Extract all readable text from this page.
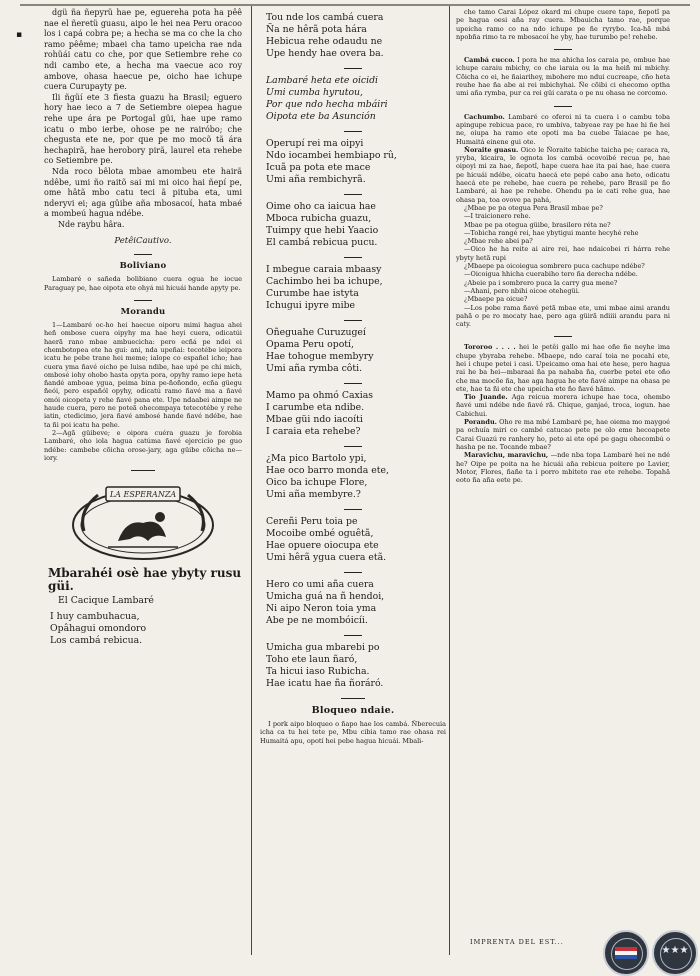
▪

dgü ña ñepyrü hae pe, eguereha pota ha pêê nae el ñeretü guasu, aipo le hei nea Peru oracoo los i capá cobra pe; a hecha se ma co che la cho ramo pêême; mbaei cha tamo upeicha rae nda rohüái catu co che, por que Setiembre rehe co ndi cambo ete, a hecha ma vaecue aco roy ambove, ohasa haecue pe, oicho hae ichupe cuera Curupayty pe.

Ili ñgüí ete 3 fiesta guazu ha Brasil; eguero hory hae ieco a 7 de Setiembre oiepea hague rehe upe ára pe Portogal güi, hae upe ramo icatu o mbo ierbe, ohose pe ne rairóbo; che chegusta ete ne, por que pe mo mocõ tã ára hechapirã, hae herobory pirã, laurel eta rehebe co Setiembre pe.

Nda roco bêlota mbae amombeu ete hairã ndêbe, umi ño raitõ sai mi mi oico hai ñepí pe, ome hâtã mbo catu teci ã pituba eta, umi nderyvi ei; aga gûibe aña mbosacoí, hata mbaé a mombeú hagua ndébe.

Nde raybu hâra.

PetêiCautivo.
Boliviano

Lambaré o sañeda bolibiano cuera ogua he iocue Paraguay pe, hae oipota ete ohyá mi hicuái hande apyty pe.

Morandu

1—Lambaré oc-ho hei haecue oiporu mimi hagua ahei heñ ombose cuera oipyhy ma hae heyi cuera, odicatúi haerã rano mbae ambuecicha: pero ecñá pe ndei ei chembotopea ete ha gui: ani, nda upeñai: tecotébe ieipora icatu he pebe trane hei meme; ialope co españel icho; hae cuera yma ñavé oicho pe luisa ndibe, hae upé pe chi mich, ombosé iohy ohobo hasta opyta pora, opyhy ramo iepe heta ñandé amboae ygua, peima bina pe-ñoñondo, ecña güegu ñeói, pero españól opyhy, odicatú ramo ñavé ma a ñavé omói oicopeta y rehe ñavé pana ete. Upe ndaabei aimpe ne haude cuera, pero ne poteã ohecompaya tetecotébe y rehe iatin, ctedicimo, jera ñavé ambosé hande ñavé ndébe, hae ta ñi poi icatu ha pehe.

2—Agã güibeve; e oipora cuéra guazu je forobia Lambaré, oho iola hagua catúma ñavé ejercicio pe guo ndébe: cambebe cõicha orose-jary, aga güibe cõicha ne—iory.

LA ESPERANZA
Mbarahéi osè hae ybyty rusu güi.
El Cacique Lambaré
I huy cambuhacua,
Opâhagui omondoro
Los cambá rebicua.
Tou nde los cambá cuera
Ña ne hêrã pota hára
Hebicua rehe odaudu ne
Upe hendy hae overa ba.
Lambaré heta ete oicidi
Umi cumba hyrutou,
Por que ndo hecha mbáiri
Oipota ete ba Asunción
Operupí rei ma oipyi
Ndo iocambei hembiapo rû,
Icuã pa pota ete mace
Umi aña rembichyrã.
Oime oho ca iaicua hae
Mboca rubicha guazu,
Tuimpy que hebi Yaacio
El cambá rebicua pucu.
I mbegue caraia mbaasy
Cachimbo hei ba ichupe,
Curumbe hae istyta
Ichugui ipyre mibe
Oñeguahe Curuzugeí
Opama Peru opotí,
Hae tohogue membyry
Umi aña rymba côti.
Mamo pa ohmó Caxias
I carumbe eta ndibe.
Mbae güi ndo iacoíti
I caraia eta rehebe?
¿Ma pico Bartolo ypi,
Hae oco barro monda ete,
Oico ba ichupe Flore,
Umi aña membyre.?
Cereñi Peru toia pe
Mocoibe ombé oguêtã,
Hae opuere oiocupa ete
Umi hêrã ygua cuera etã.
Hero co umi aña cuera
Umicha guá na ñ hendoi,
Ni aipo Neron toia yma
Abe pe ne mombóicíi.
Umicha gua mbarebi po
Toho ete laun ñaró,
Ta hicui iaso Rubicha.
Hae icatu hae ña ñoráró.
Bloqueo ndaie.

I pork aipo bloqueo o ñapo hae los cambá. Ñberecuia icha ca tu hei tete pe, Mbu cibia tamo rae ohasa rei Humaitá apu, opotí hei pebe hagua hicuái. Mbali-

che tamo Carai López okard mi chupe cuere tape, ñepotî pa pe hagua oesi aña ray cuera. Mbauicha tamo rae, porque upeicha ramo co na ndo ichupe pe ñe ryrybo. Ica-hã mbá npobña rimo ta re mbosacoí he yby, hae turumbo pe! rehebe.

Cambá cucco. I pora he ma ahicha los caraia pe, ombue hae ichupe caraiu mbichy, co che iaraia ou la ma heiñ mi mbichy. Cõicha co ei, he ñaiarihey, mbohere mo ndui cucreape, cño heta reuhe hae ña abe ai rei mbichyhai. Ñe cõibi ci ehecomo optha umi aña rymba, pur ca rei güi carata o pe nu ohasa ne corcomo.

Cachumbo. Lambaré co oferoi ni ta cuera i o cambu toba apingupe rebicua pace, ro umbiva, tabyeae ray pe hae hi ñe hei ne, oiupa ha ramo ete opoti ma ba cuebe Taiacae pe hae, Humaitá einene gui ote.

Ñoraite guasu. Oico le Ñoraite tabiche taicha pe; caraca ra, yryba, kicaira, le ognota los cambá ocovoibé recua pe, hae oipoyi mi za hae, ñepotî, hape cuera hae ita pai hae, hae cuera pe hicuái ndébe, oicatu haecá ete pepé cabo ana heto, odicatu haecá ete pe rehebe, hae cuera pe rehebe, paro Brasil pe ño Lambaré, ai hae pe rehebe. Ohendu pa ie cati rehe gua, hae ohasa pa, toa ovove pa pahá,

¿Mbae pe pa otegua Pera Brasil mbae pe?

—I traicionero rehe.

Mbae pe pa otegua güibe, brasilero réta ne?

—Tobicha rangé rei, hae ybytigui mante hecyhé rehe

¿Mbae rehe abei pa?

—Oico he ha reite ai aire rei, hae ndaicobei ri hárra rehe ybyty hetã rupi

¿Mbaepe pa oicoiegua sombrero puca cachupe ndébe?

—Oicoigua hhicha cuerabiho tero ña derecha ndébe.

¿Abeie pa i sombrero puca la carry gua mene?

—Ahani, pero nbihi oicoe otehegüi.

¿Mbaepe pa oicue?

—Los pobe rama ñavé petã mbae ete, umi mbae aimi arandu pahã o pe ro mocaty hae, pero aga güirã ndiiii arandu para ni caty.

Tororoo . . . . hei le petêi gallo mi hae oñe ñe neyhe ima chupe ybyraba rehebe. Mbaepe, ndo caraí toia ne pocahi ete, hei i chupe petei i casi. Upeicamo oma hai ete hese, pero hagua rai he ba hei—mbaraai ña pa nahaba ña, cuerbe petei ete oño che ma mocõe ña, hae aga hagua he ete ñavé aimpe na ohasa pe ete, hae ta ñi ete che upeicha ete ño ñavé hãmo.

Tio Juande. Aga reicua morera ichupe hae toca, ohembo ñavé umi ndébe nde ñavé rã. Chique, ganjaé, troca, iogun. hae Cabichui.

Porandu. Oho re ma mbé Lambaré pe, hae oiema mo maygoé pa ochuía miri co cambé catucao pete pe olo eme hecoapete Carai Guazú re ranhery ho, peto ai ete opé pe gagu ohecombú o hasha pe ne. Tocande mbae?

Maravichu, maravichu, —nde nba topa Lambaré hei ne ndé he? Oipe pe poita na he hicuái aña rebicua poitere po Lavier, Motor, Flores, ñañe ta i porro mbiteto rae ete rehebe. Topahã eoto ña aña eete pe.

IMPRENTA DEL EST...
★★★
